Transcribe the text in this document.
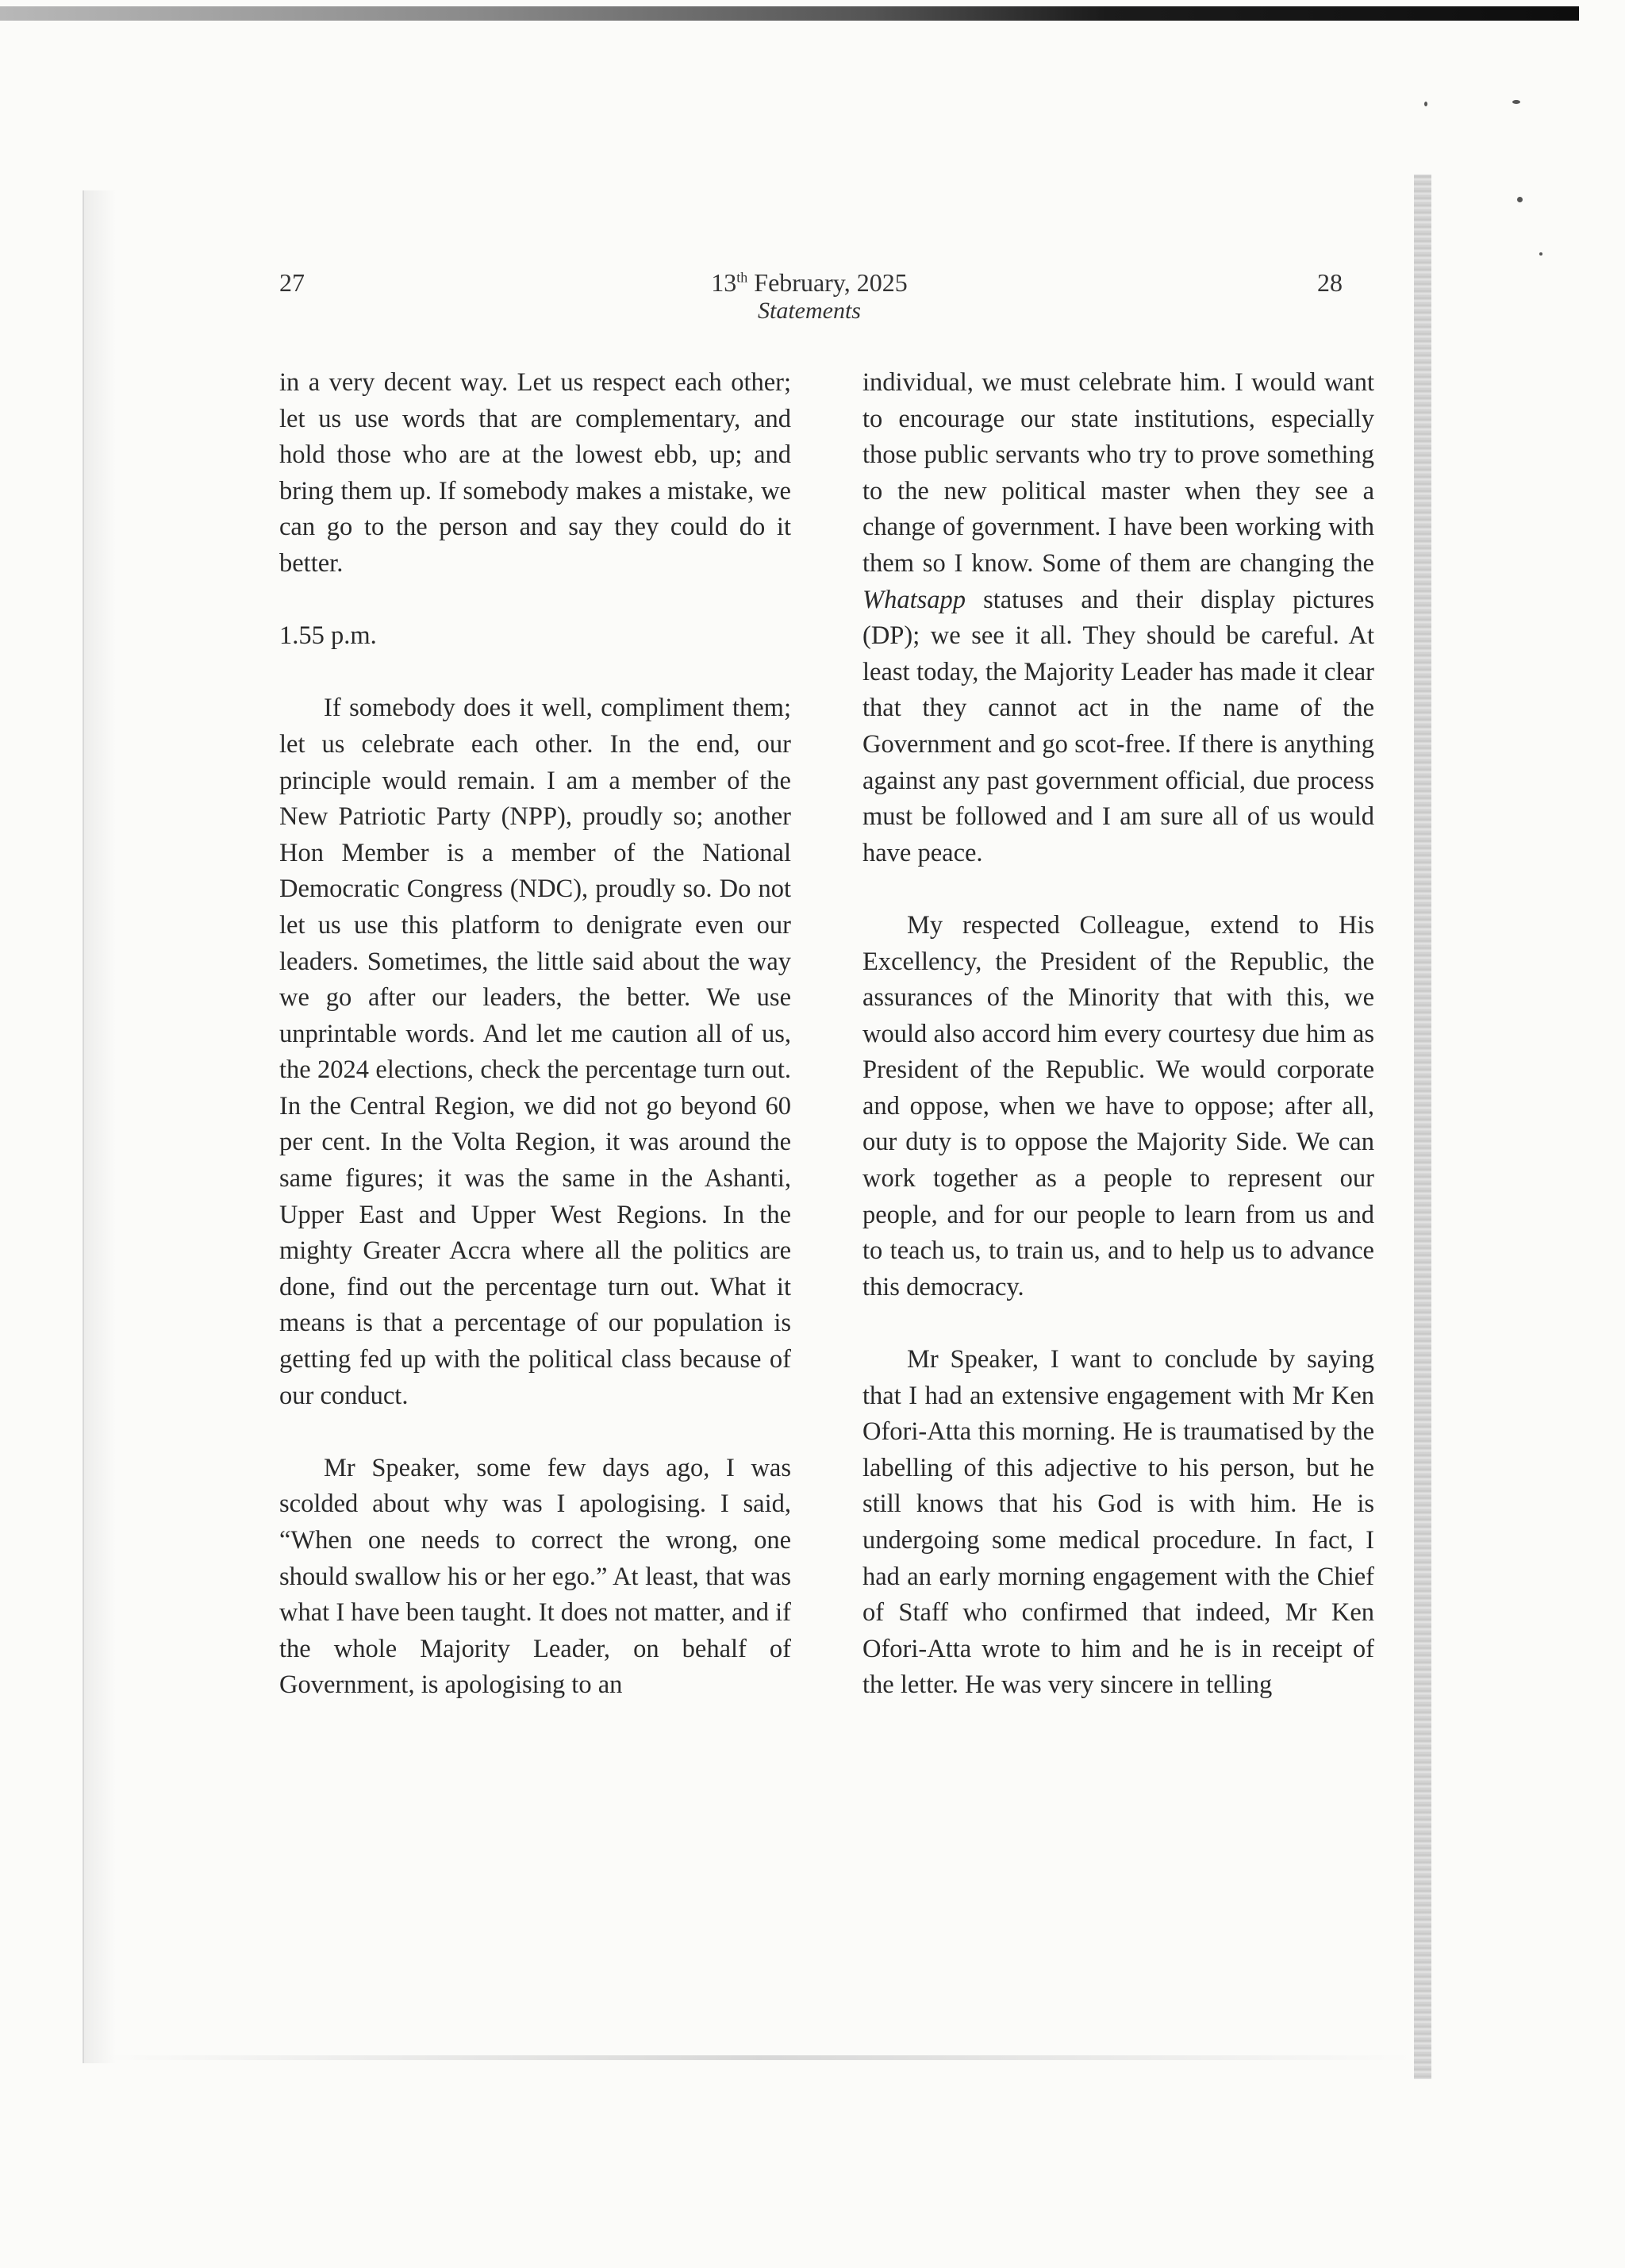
27	13th February, 2025
Statements
28

in a very decent way. Let us respect each other; let us use words that are complementary, and hold those who are at the lowest ebb, up; and bring them up. If somebody makes a mistake, we can go to the person and say they could do it better.

1.55 p.m.

If somebody does it well, compliment them; let us celebrate each other. In the end, our principle would remain. I am a member of the New Patriotic Party (NPP), proudly so; another Hon Member is a member of the National Democratic Congress (NDC), proudly so. Do not let us use this platform to denigrate even our leaders. Sometimes, the little said about the way we go after our leaders, the better. We use unprintable words. And let me caution all of us, the 2024 elections, check the percentage turn out. In the Central Region, we did not go beyond 60 per cent. In the Volta Region, it was around the same figures; it was the same in the Ashanti, Upper East and Upper West Regions. In the mighty Greater Accra where all the politics are done, find out the percentage turn out. What it means is that a percentage of our population is getting fed up with the political class because of our conduct.

Mr Speaker, some few days ago, I was scolded about why was I apologising. I said, “When one needs to correct the wrong, one should swallow his or her ego.” At least, that was what I have been taught. It does not matter, and if the whole Majority Leader, on behalf of Government, is apologising to an

individual, we must celebrate him. I would want to encourage our state institutions, especially those public servants who try to prove something to the new political master when they see a change of government. I have been working with them so I know. Some of them are changing the Whatsapp statuses and their display pictures (DP); we see it all. They should be careful. At least today, the Majority Leader has made it clear that they cannot act in the name of the Government and go scot-free. If there is anything against any past government official, due process must be followed and I am sure all of us would have peace.

My respected Colleague, extend to His Excellency, the President of the Republic, the assurances of the Minority that with this, we would also accord him every courtesy due him as President of the Republic. We would corporate and oppose, when we have to oppose; after all, our duty is to oppose the Majority Side. We can work together as a people to represent our people, and for our people to learn from us and to teach us, to train us, and to help us to advance this democracy.

Mr Speaker, I want to conclude by saying that I had an extensive engagement with Mr Ken Ofori-Atta this morning. He is traumatised by the labelling of this adjective to his person, but he still knows that his God is with him. He is undergoing some medical procedure. In fact, I had an early morning engagement with the Chief of Staff who confirmed that indeed, Mr Ken Ofori-Atta wrote to him and he is in receipt of the letter. He was very sincere in telling
